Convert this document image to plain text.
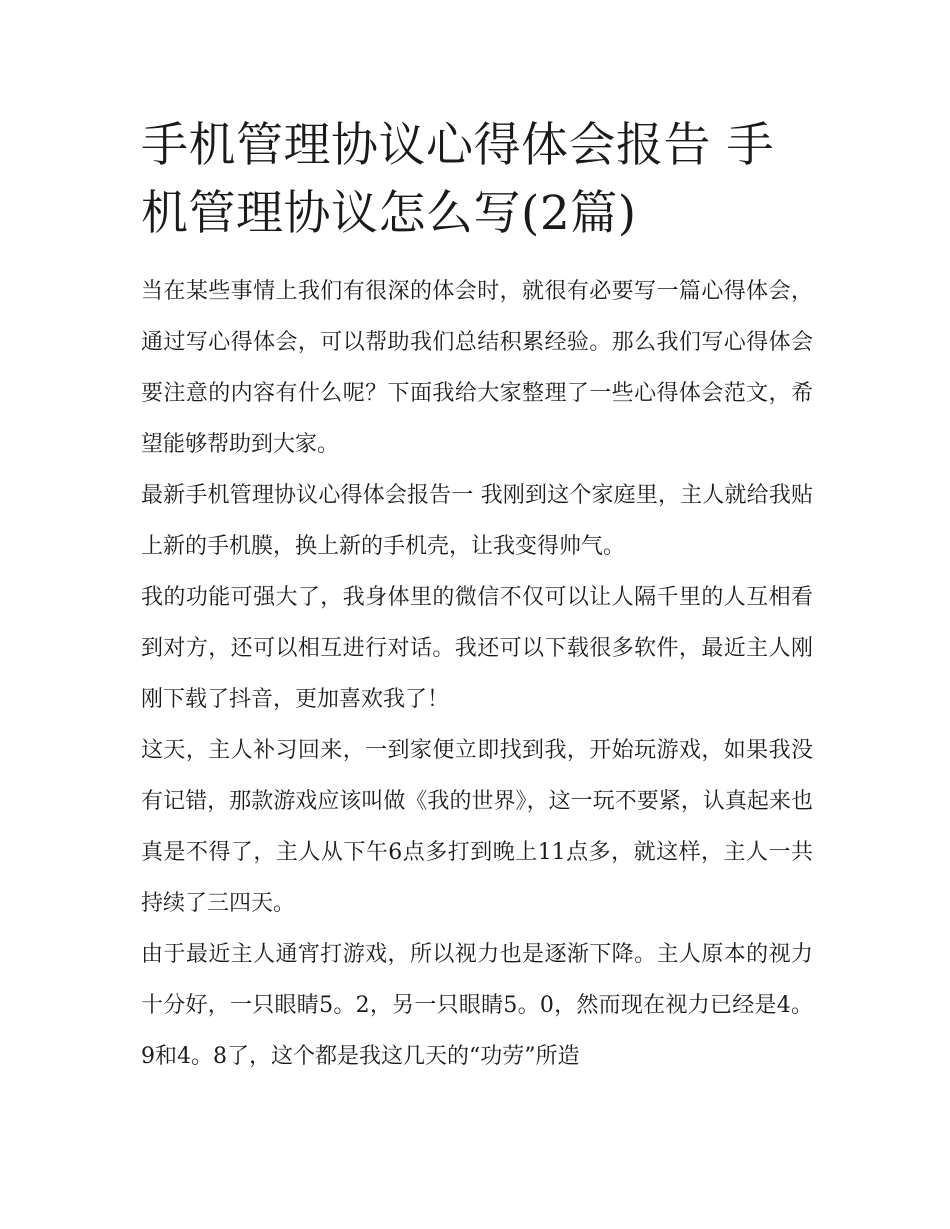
手机管理协议心得体会报告 手机管理协议怎么写(2篇)

当在某些事情上我们有很深的体会时，就很有必要写一篇心得体会，通过写心得体会，可以帮助我们总结积累经验。那么我们写心得体会要注意的内容有什么呢？下面我给大家整理了一些心得体会范文，希望能够帮助到大家。

最新手机管理协议心得体会报告一 我刚到这个家庭里，主人就给我贴上新的手机膜，换上新的手机壳，让我变得帅气。

我的功能可强大了，我身体里的微信不仅可以让人隔千里的人互相看到对方，还可以相互进行对话。我还可以下载很多软件，最近主人刚刚下载了抖音，更加喜欢我了！

这天，主人补习回来，一到家便立即找到我，开始玩游戏，如果我没有记错，那款游戏应该叫做《我的世界》，这一玩不要紧，认真起来也真是不得了，主人从下午6点多打到晚上11点多，就这样，主人一共持续了三四天。

由于最近主人通宵打游戏，所以视力也是逐渐下降。主人原本的视力十分好，一只眼睛5。2，另一只眼睛5。0，然而现在视力已经是4。9和4。8了，这个都是我这几天的“功劳”所造
